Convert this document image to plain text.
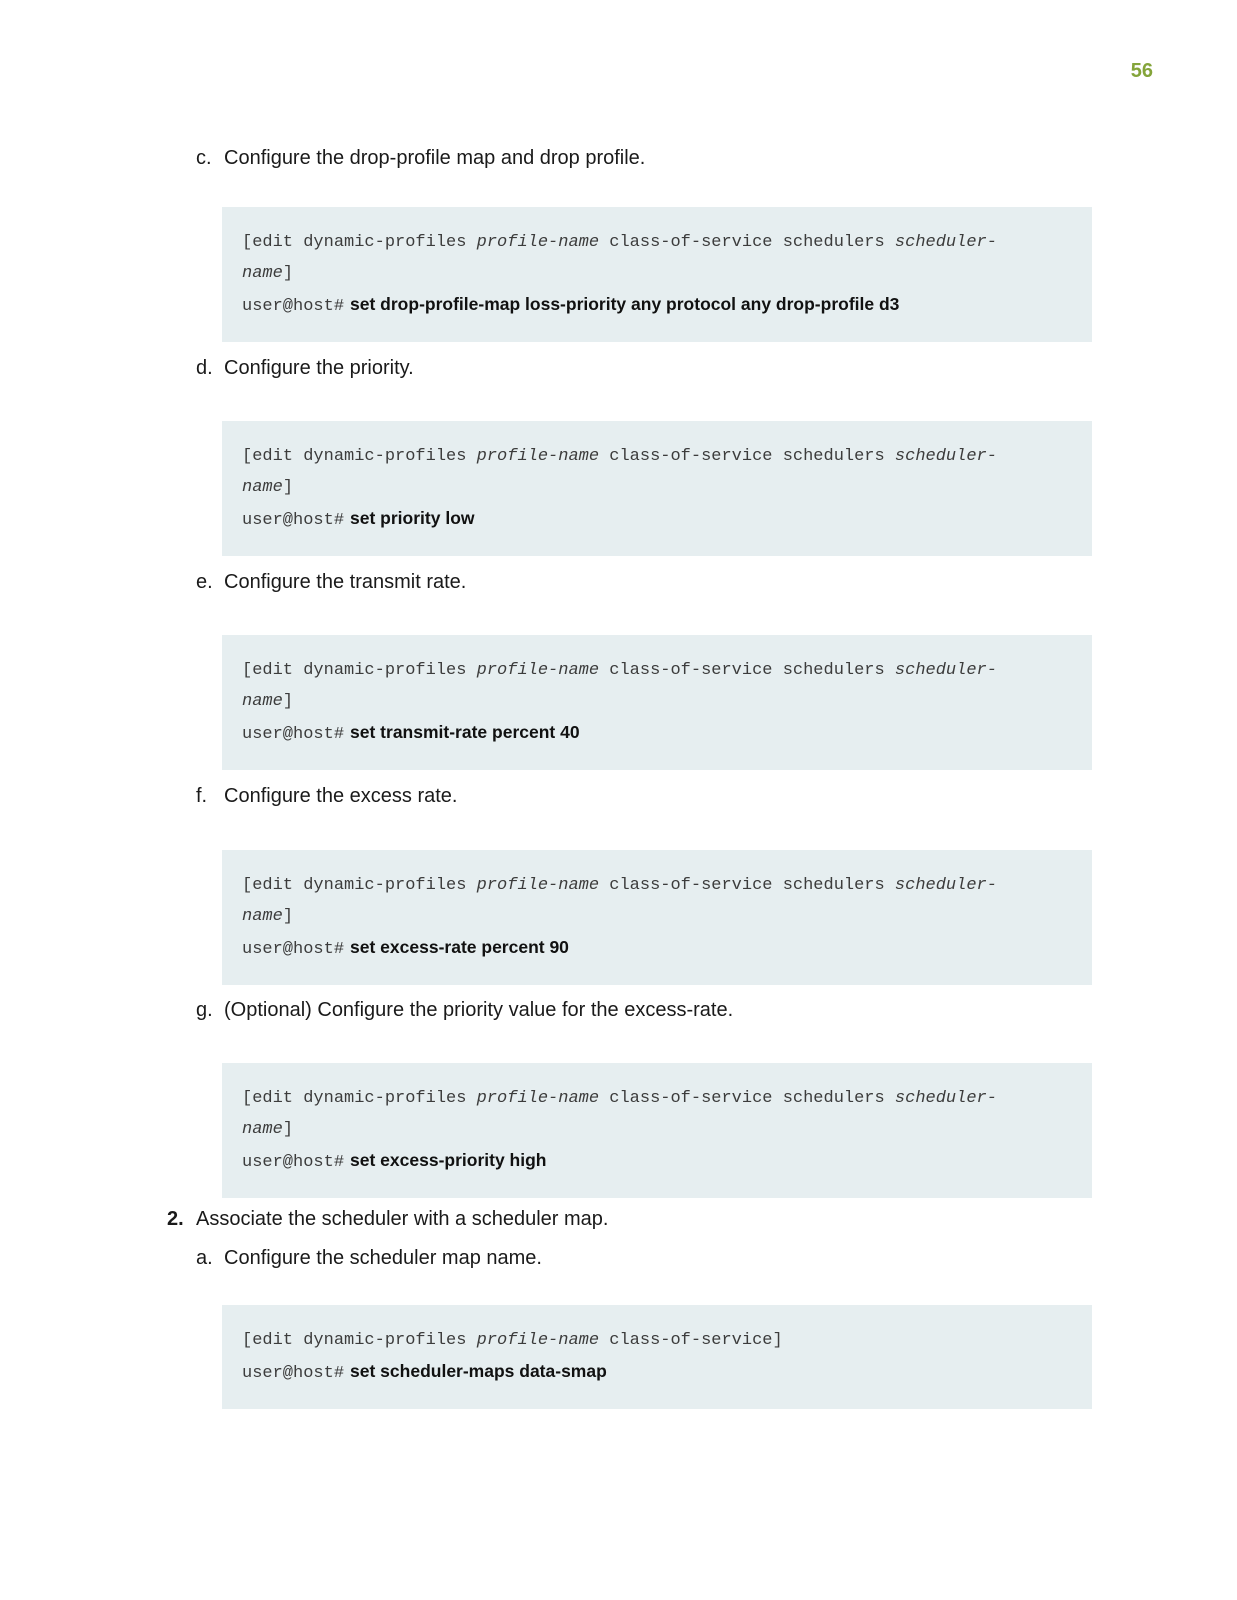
56
c. Configure the drop-profile map and drop profile.
[edit dynamic-profiles profile-name class-of-service schedulers scheduler-
name]
user@host# set drop-profile-map loss-priority any protocol any drop-profile d3
d. Configure the priority.
[edit dynamic-profiles profile-name class-of-service schedulers scheduler-
name]
user@host# set priority low
e. Configure the transmit rate.
[edit dynamic-profiles profile-name class-of-service schedulers scheduler-
name]
user@host# set transmit-rate percent 40
f. Configure the excess rate.
[edit dynamic-profiles profile-name class-of-service schedulers scheduler-
name]
user@host# set excess-rate percent 90
g. (Optional) Configure the priority value for the excess-rate.
[edit dynamic-profiles profile-name class-of-service schedulers scheduler-
name]
user@host# set excess-priority high
2. Associate the scheduler with a scheduler map.
a. Configure the scheduler map name.
[edit dynamic-profiles profile-name class-of-service]
user@host# set scheduler-maps data-smap
